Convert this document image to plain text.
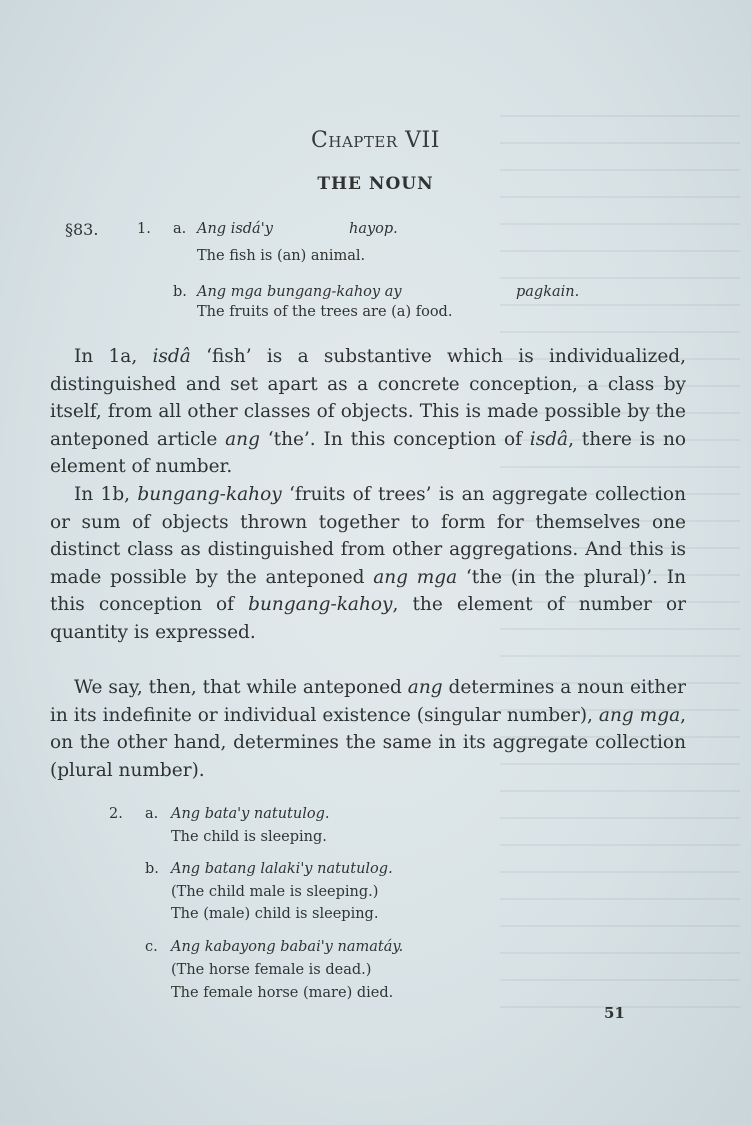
Chapter VII
THE NOUN
§83.	1. a. Ang isdá'y	hayop.
The fish is (an) animal.
b. Ang mga bungang-kahoy ay	pagkain.
The fruits of the trees are (a) food.
In 1a, isdâ ‘fish’ is a substantive which is individualized, distinguished and set apart as a concrete conception, a class by itself, from all other classes of objects. This is made possible by the anteponed article ang ‘the’. In this conception of isdâ, there is no element of number.
In 1b, bungang-kahoy ‘fruits of trees’ is an aggregate collection or sum of objects thrown together to form for themselves one distinct class as distinguished from other aggregations. And this is made possible by the anteponed ang mga ‘the (in the plural)’. In this conception of bungang-kahoy, the element of number or quantity is expressed.
We say, then, that while anteponed ang determines a noun either in its indefinite or individual existence (singular number), ang mga, on the other hand, determines the same in its aggregate collection (plural number).
2. a. Ang bata'y natutulog.
The child is sleeping.
b. Ang batang lalaki'y natutulog.
(The child male is sleeping.)
The (male) child is sleeping.
c. Ang kabayong babai'y namatáy.
(The horse female is dead.)
The female horse (mare) died.
51
